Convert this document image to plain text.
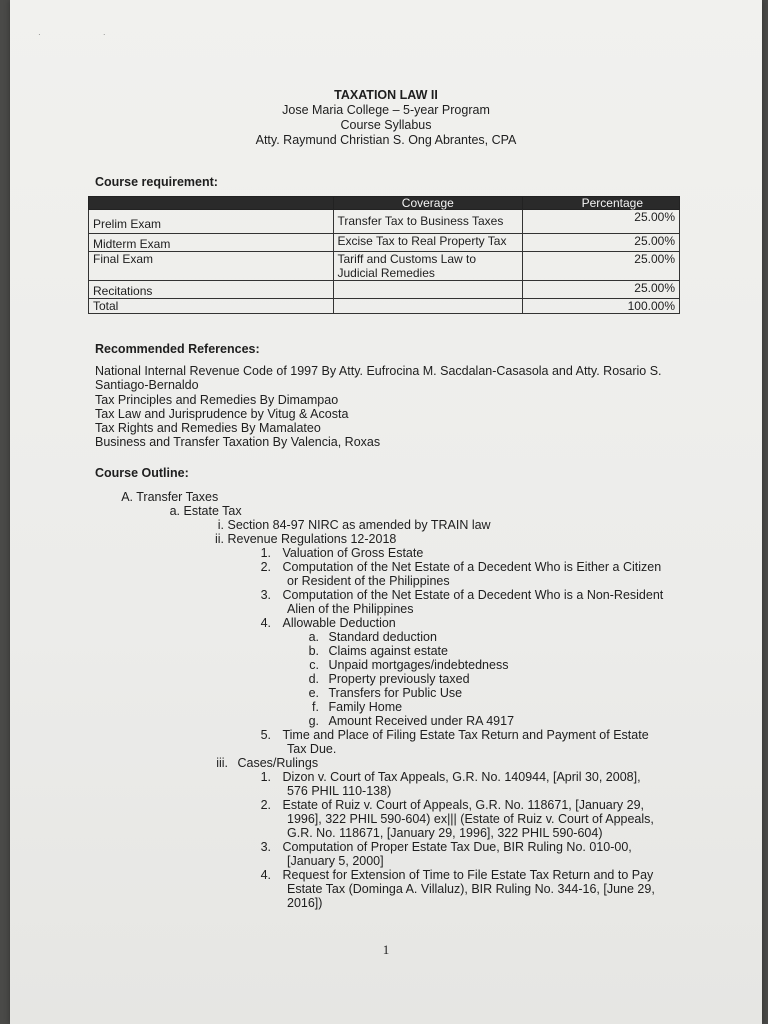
· ·
TAXATION LAW II
Jose Maria College – 5-year Program
Course Syllabus
Atty. Raymund Christian S. Ong Abrantes, CPA
Course requirement:
	Coverage	Percentage
Prelim Exam	Transfer Tax to Business Taxes	25.00%
Midterm Exam	Excise Tax to Real Property Tax	25.00%
Final Exam	Tariff and Customs Law to Judicial Remedies	25.00%
Recitations		25.00%
Total		100.00%
Recommended References:
National Internal Revenue Code of 1997 By Atty. Eufrocina M. Sacdalan-Casasola and Atty. Rosario S. Santiago-Bernaldo
Tax Principles and Remedies By Dimampao
Tax Law and Jurisprudence by Vitug & Acosta
Tax Rights and Remedies By Mamalateo
Business and Transfer Taxation By Valencia, Roxas
Course Outline:
A. Transfer Taxes
a. Estate Tax
i. Section 84-97 NIRC as amended by TRAIN law
ii. Revenue Regulations 12-2018
1. Valuation of Gross Estate
2. Computation of the Net Estate of a Decedent Who is Either a Citizen
or Resident of the Philippines
3. Computation of the Net Estate of a Decedent Who is a Non-Resident
Alien of the Philippines
4. Allowable Deduction
a. Standard deduction
b. Claims against estate
c. Unpaid mortgages/indebtedness
d. Property previously taxed
e. Transfers for Public Use
f. Family Home
g. Amount Received under RA 4917
5. Time and Place of Filing Estate Tax Return and Payment of Estate
Tax Due.
iii. Cases/Rulings
1. Dizon v. Court of Tax Appeals, G.R. No. 140944, [April 30, 2008],
576 PHIL 110-138)
2. Estate of Ruiz v. Court of Appeals, G.R. No. 118671, [January 29,
1996], 322 PHIL 590-604) ex||| (Estate of Ruiz v. Court of Appeals,
G.R. No. 118671, [January 29, 1996], 322 PHIL 590-604)
3. Computation of Proper Estate Tax Due, BIR Ruling No. 010-00,
[January 5, 2000]
4. Request for Extension of Time to File Estate Tax Return and to Pay
Estate Tax (Dominga A. Villaluz), BIR Ruling No. 344-16, [June 29,
2016])
1
